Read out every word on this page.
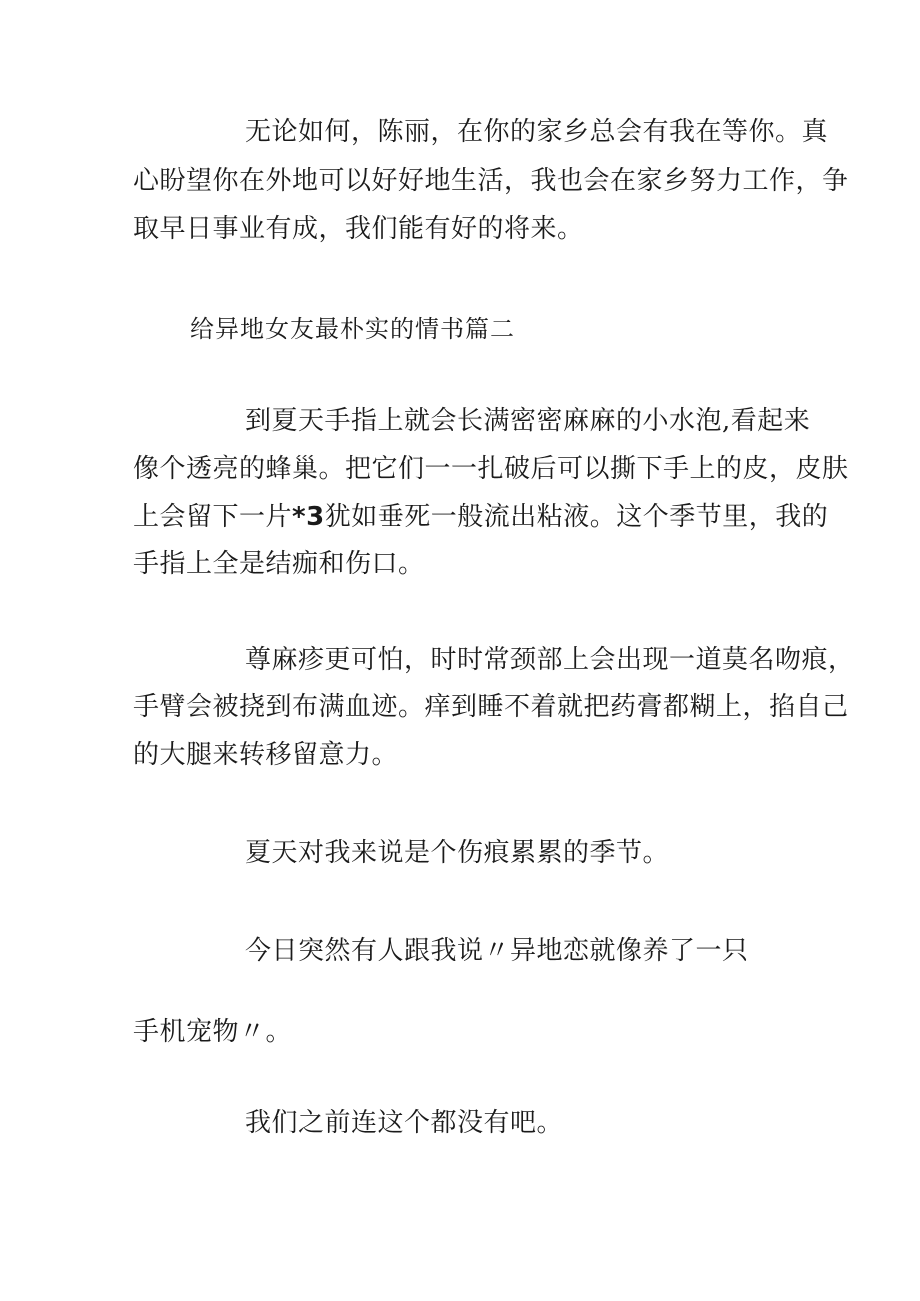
无论如何，陈丽，在你的家乡总会有我在等你。真

心盼望你在外地可以好好地生活，我也会在家乡努力工作，争

取早日事业有成，我们能有好的将来。

给异地女友最朴实的情书篇二

到夏天手指上就会长满密密麻麻的小水泡,看起来

像个透亮的蜂巢。把它们一一扎破后可以撕下手上的皮，皮肤

上会留下一片*3犹如垂死一般流出粘液。这个季节里，我的

手指上全是结痂和伤口。

尊麻疹更可怕，时时常颈部上会出现一道莫名吻痕，

手臂会被挠到布满血迹。痒到睡不着就把药膏都糊上，掐自己

的大腿来转移留意力。

夏天对我来说是个伤痕累累的季节。

今日突然有人跟我说〃异地恋就像养了一只

手机宠物〃。

我们之前连这个都没有吧。
